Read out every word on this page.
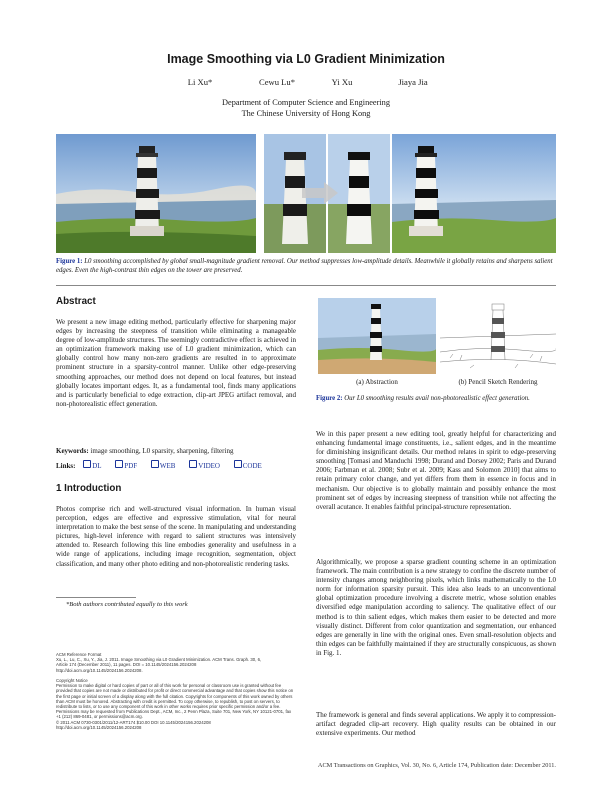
Image Smoothing via L0 Gradient Minimization
Li Xu*	Cewu Lu*	Yi Xu	Jiaya Jia
Department of Computer Science and Engineering
The Chinese University of Hong Kong
Figure 1: L0 smoothing accomplished by global small-magnitude gradient removal. Our method suppresses low-amplitude details. Meanwhile it globally retains and sharpens salient edges. Even the high-contrast thin edges on the tower are preserved.
Abstract
We present a new image editing method, particularly effective for sharpening major edges by increasing the steepness of transition while eliminating a manageable degree of low-amplitude structures. The seemingly contradictive effect is achieved in an optimization framework making use of L0 gradient minimization, which can globally control how many non-zero gradients are resulted in to approximate prominent structure in a sparsity-control manner. Unlike other edge-preserving smoothing approaches, our method does not depend on local features, but instead globally locates important edges. It, as a fundamental tool, finds many applications and is particularly beneficial to edge extraction, clip-art JPEG artifact removal, and non-photorealistic effect generation.
Keywords: image smoothing, L0 sparsity, sharpening, filtering
Links: DL	PDF	WEB	VIDEO	CODE
1 Introduction
Photos comprise rich and well-structured visual information. In human visual perception, edges are effective and expressive stimulation, vital for neural interpretation to make the best sense of the scene. In manipulating and understanding pictures, high-level inference with regard to salient structures was intensively attended to. Research following this line embodies generality and usefulness in a wide range of applications, including image recognition, segmentation, object classification, and many other photo editing and non-photorealistic rendering tasks.
*Both authors contributed equally to this work
ACM Reference Format
Xu, L., Lu, C., Xu, Y., Jia, J. 2011. Image Smoothing via L0 Gradient Minimization. ACM Trans. Graph. 30, 6,
Article 174 (December 2011), 11 pages. DOI = 10.1145/2024156.2024208
http://doi.acm.org/10.1145/2024156.2024208.
Copyright Notice
Permission to make digital or hard copies of part or all of this work for personal or classroom use is granted without fee provided that copies are not made or distributed for profit or direct commercial advantage and that copies show this notice on the first page or initial screen of a display along with the full citation. Copyrights for components of this work owned by others than ACM must be honored. Abstracting with credit is permitted. To copy otherwise, to republish, to post on servers, to redistribute to lists, or to use any component of this work in other works requires prior specific permission and/or a fee. Permissions may be requested from Publications Dept., ACM, Inc., 2 Penn Plaza, Suite 701, New York, NY 10121-0701, fax +1 (212) 869-0481, or permissions@acm.org.
© 2011 ACM 0730-0301/2011/12-ART174 $10.00 DOI 10.1145/2024156.2024208
http://doi.acm.org/10.1145/2024156.2024208
(a) Abstraction	(b) Pencil Sketch Rendering
Figure 2: Our L0 smoothing results avail non-photorealistic effect generation.
We in this paper present a new editing tool, greatly helpful for characterizing and enhancing fundamental image constituents, i.e., salient edges, and in the meantime for diminishing insignificant details. Our method relates in spirit to edge-preserving smoothing [Tomasi and Manduchi 1998; Durand and Dorsey 2002; Paris and Durand 2006; Farbman et al. 2008; Subr et al. 2009; Kass and Solomon 2010] that aims to retain primary color change, and yet differs from them in essence in focus and in mechanism. Our objective is to globally maintain and possibly enhance the most prominent set of edges by increasing steepness of transition while not affecting the overall acutance. It enables faithful principal-structure representation.
Algorithmically, we propose a sparse gradient counting scheme in an optimization framework. The main contribution is a new strategy to confine the discrete number of intensity changes among neighboring pixels, which links mathematically to the L0 norm for information sparsity pursuit. This idea also leads to an unconventional global optimization procedure involving a discrete metric, whose solution enables diversified edge manipulation according to saliency. The qualitative effect of our method is to thin salient edges, which makes them easier to be detected and more visually distinct. Different from color quantization and segmentation, our enhanced edges are generally in line with the original ones. Even small-resolution objects and thin edges can be faithfully maintained if they are structurally conspicuous, as shown in Fig. 1.
The framework is general and finds several applications. We apply it to compression-artifact degraded clip-art recovery. High quality results can be obtained in our extensive experiments. Our method
ACM Transactions on Graphics, Vol. 30, No. 6, Article 174, Publication date: December 2011.
